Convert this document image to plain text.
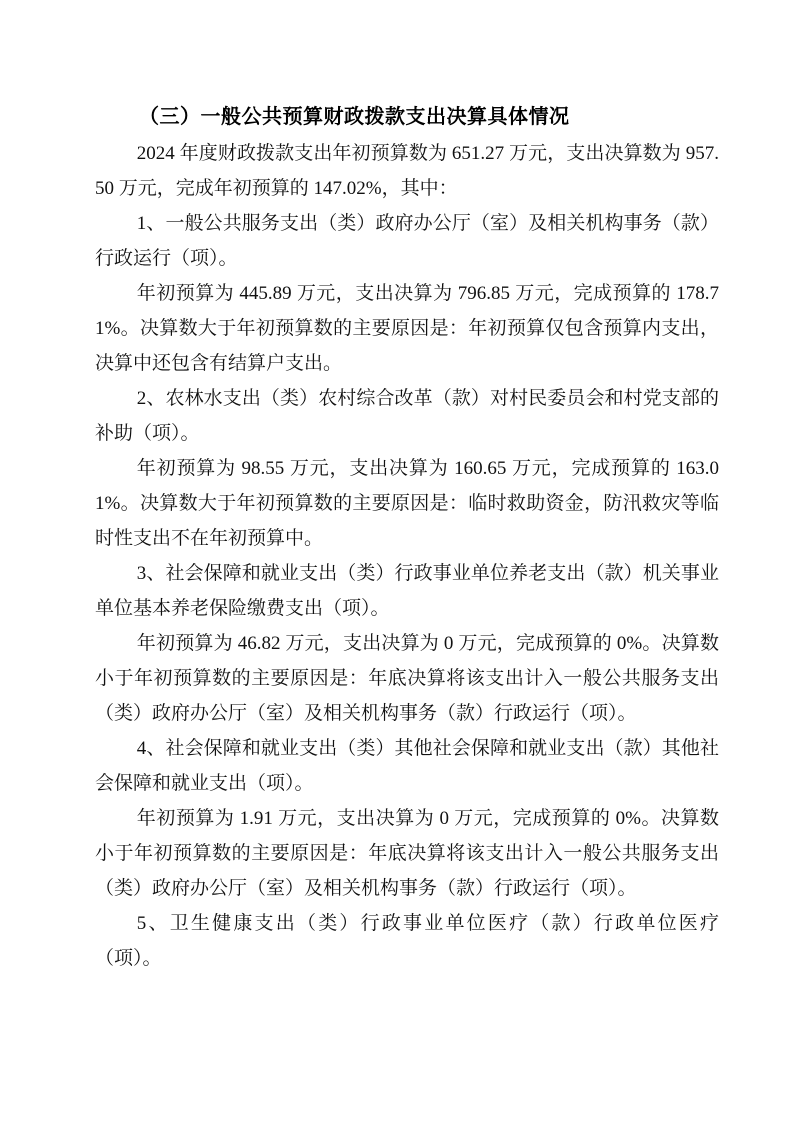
（三）一般公共预算财政拨款支出决算具体情况

2024 年度财政拨款支出年初预算数为 651.27 万元，支出决算数为 957.50 万元，完成年初预算的 147.02%，其中：

1、一般公共服务支出（类）政府办公厅（室）及相关机构事务（款）行政运行（项）。

年初预算为 445.89 万元，支出决算为 796.85 万元，完成预算的 178.71%。决算数大于年初预算数的主要原因是：年初预算仅包含预算内支出，决算中还包含有结算户支出。

2、农林水支出（类）农村综合改革（款）对村民委员会和村党支部的补助（项）。

年初预算为 98.55 万元，支出决算为 160.65 万元，完成预算的 163.01%。决算数大于年初预算数的主要原因是：临时救助资金，防汛救灾等临时性支出不在年初预算中。

3、社会保障和就业支出（类）行政事业单位养老支出（款）机关事业单位基本养老保险缴费支出（项）。

年初预算为 46.82 万元，支出决算为 0 万元，完成预算的 0%。决算数小于年初预算数的主要原因是：年底决算将该支出计入一般公共服务支出（类）政府办公厅（室）及相关机构事务（款）行政运行（项）。

4、社会保障和就业支出（类）其他社会保障和就业支出（款）其他社会保障和就业支出（项）。

年初预算为 1.91 万元，支出决算为 0 万元，完成预算的 0%。决算数小于年初预算数的主要原因是：年底决算将该支出计入一般公共服务支出（类）政府办公厅（室）及相关机构事务（款）行政运行（项）。

5、卫生健康支出（类）行政事业单位医疗（款）行政单位医疗（项）。
